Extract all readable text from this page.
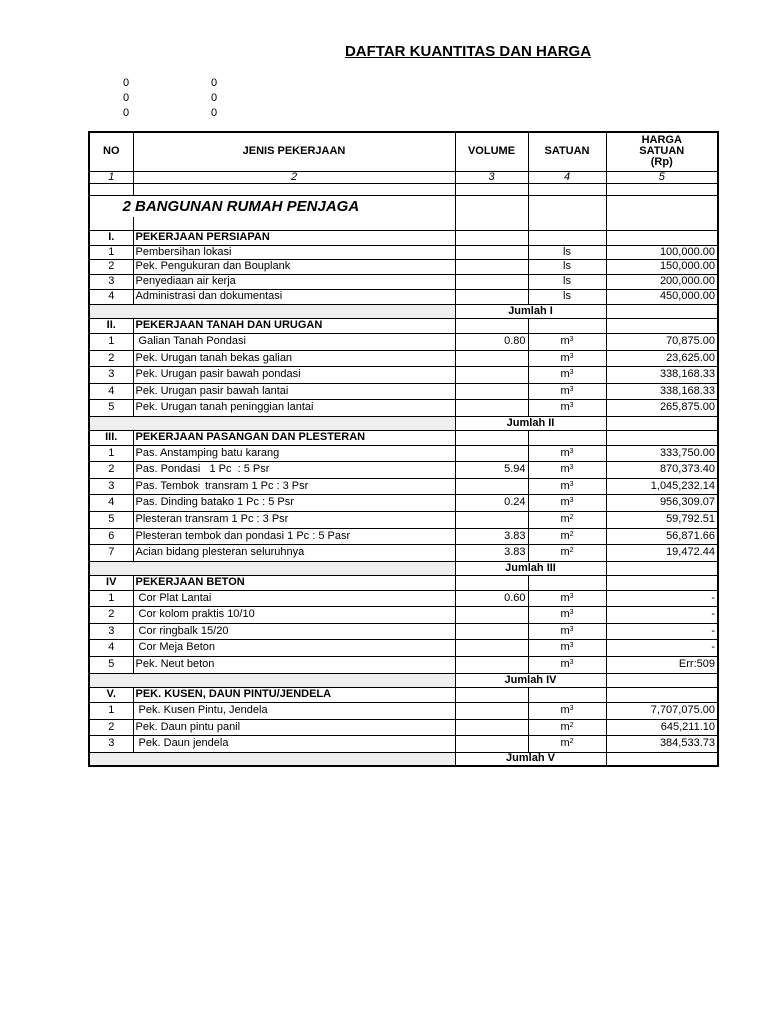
DAFTAR KUANTITAS DAN HARGA
0	0
0	0
0	0
NO	JENIS PEKERJAAN	VOLUME	SATUAN	HARGA
SATUAN
(Rp)

1	2	3	4	5

2	BANGUNAN RUMAH PENJAGA			

I.	PEKERJAAN PERSIAPAN			
1	Pembersihan lokasi		ls	100,000.00
2	Pek. Pengukuran dan Bouplank		ls	150,000.00
3	Penyediaan air kerja		ls	200,000.00
4	Administrasi dan dokumentasi		ls	450,000.00
		Jumlah I		
II.	PEKERJAAN TANAH DAN URUGAN			
1	Galian Tanah Pondasi	0.80	$m^3$	70,875.00
2	Pek. Urugan tanah bekas galian		$m^3$	23,625.00
3	Pek. Urugan pasir bawah pondasi		$m^3$	338,168.33
4	Pek. Urugan pasir bawah lantai		$m^3$	338,168.33
5	Pek. Urugan tanah peninggian lantai		$m^3$	265,875.00
		Jumlah II		
III.	PEKERJAAN PASANGAN DAN PLESTERAN			
1	Pas. Anstamping batu karang		$m^3$	333,750.00
2	Pas. Pondasi   1 Pc  : 5 Psr	5.94	$m^3$	870,373.40
3	Pas. Tembok  transram 1 Pc : 3 Psr		$m^3$	1,045,232.14
4	Pas. Dinding batako 1 Pc : 5 Psr	0.24	$m^3$	956,309.07
5	Plesteran transram 1 Pc : 3 Psr		$m^2$	59,792.51
6	Plesteran tembok dan pondasi 1 Pc : 5 Pasr	3.83	$m^2$	56,871.66
7	Acian bidang plesteran seluruhnya	3.83	$m^2$	19,472.44
		Jumlah III		
IV	PEKERJAAN BETON			
1	Cor Plat Lantai	0.60	$m^3$	-
2	Cor kolom praktis 10/10		$m^3$	-
3	Cor ringbalk 15/20		$m^3$	-
4	Cor Meja Beton		$m^3$	-
5	Pek. Neut beton		$m^3$	Err:509
		Jumlah IV		
V.	PEK. KUSEN, DAUN PINTU/JENDELA			
1	Pek. Kusen Pintu, Jendela		$m^3$	7,707,075.00
2	Pek. Daun pintu panil		$m^2$	645,211.10
3	Pek. Daun jendela		$m^2$	384,533.73
		Jumlah V		
